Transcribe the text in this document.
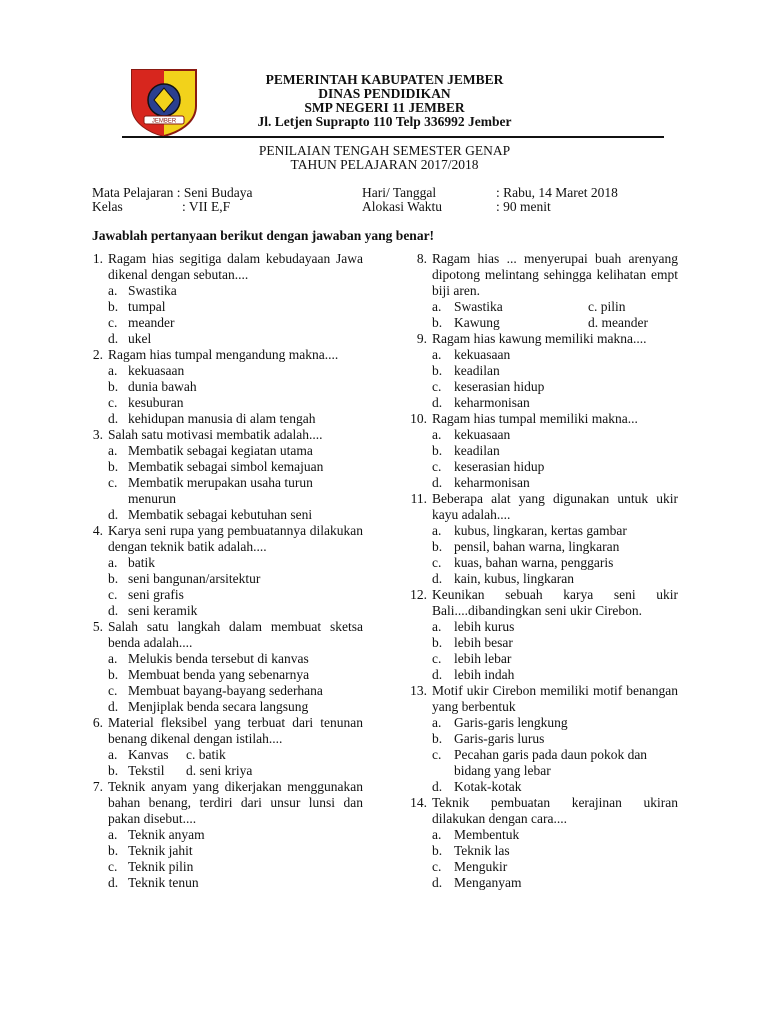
JEMBER
PEMERINTAH KABUPATEN JEMBER
DINAS PENDIDIKAN
SMP NEGERI 11 JEMBER
Jl. Letjen Suprapto 110 Telp 336992 Jember
PENILAIAN TENGAH SEMESTER GENAP
TAHUN PELAJARAN 2017/2018
Mata Pelajaran : Seni Budaya
Kelas	: VII E,F
Hari/ Tanggal	: Rabu, 14 Maret 2018
Alokasi Waktu	: 90 menit
Jawablah pertanyaan berikut dengan jawaban yang benar!
1. Ragam hias segitiga dalam kebudayaan Jawa dikenal dengan sebutan....
a. Swastika
b. tumpal
c. meander
d. ukel
2. Ragam hias tumpal mengandung makna....
a. kekuasaan
b. dunia bawah
c. kesuburan
d. kehidupan manusia di alam tengah
3. Salah satu motivasi membatik adalah....
a. Membatik sebagai kegiatan utama
b. Membatik sebagai simbol kemajuan
c. Membatik merupakan usaha turun menurun
d. Membatik sebagai kebutuhan seni
4. Karya seni rupa yang pembuatannya dilakukan dengan teknik batik adalah....
a. batik
b. seni bangunan/arsitektur
c. seni grafis
d. seni keramik
5. Salah satu langkah dalam membuat sketsa benda adalah....
a. Melukis benda tersebut di kanvas
b. Membuat benda yang sebenarnya
c. Membuat bayang-bayang sederhana
d. Menjiplak benda secara langsung
6. Material fleksibel yang terbuat dari tenunan benang dikenal dengan istilah....
a. Kanvas	c. batik
b. Tekstil	d. seni kriya
7. Teknik anyam yang dikerjakan menggunakan bahan benang, terdiri dari unsur lunsi dan pakan disebut....
a. Teknik anyam
b. Teknik jahit
c. Teknik pilin
d. Teknik tenun
8. Ragam hias ... menyerupai buah arenyang dipotong melintang sehingga kelihatan empt biji aren.
a. Swastika	c. pilin
b. Kawung	d. meander
9. Ragam hias kawung memiliki makna....
a. kekuasaan
b. keadilan
c. keserasian hidup
d. keharmonisan
10. Ragam hias tumpal memiliki makna...
a. kekuasaan
b. keadilan
c. keserasian hidup
d. keharmonisan
11. Beberapa alat yang digunakan untuk ukir kayu adalah....
a. kubus, lingkaran, kertas gambar
b. pensil, bahan warna, lingkaran
c. kuas, bahan warna, penggaris
d. kain, kubus, lingkaran
12. Keunikan sebuah karya seni ukir Bali....dibandingkan seni ukir Cirebon.
a. lebih kurus
b. lebih besar
c. lebih lebar
d. lebih indah
13. Motif ukir Cirebon memiliki motif benangan yang berbentuk
a. Garis-garis lengkung
b. Garis-garis lurus
c. Pecahan garis pada daun pokok dan bidang yang lebar
d. Kotak-kotak
14. Teknik pembuatan kerajinan ukiran dilakukan dengan cara....
a. Membentuk
b. Teknik las
c. Mengukir
d. Menganyam
